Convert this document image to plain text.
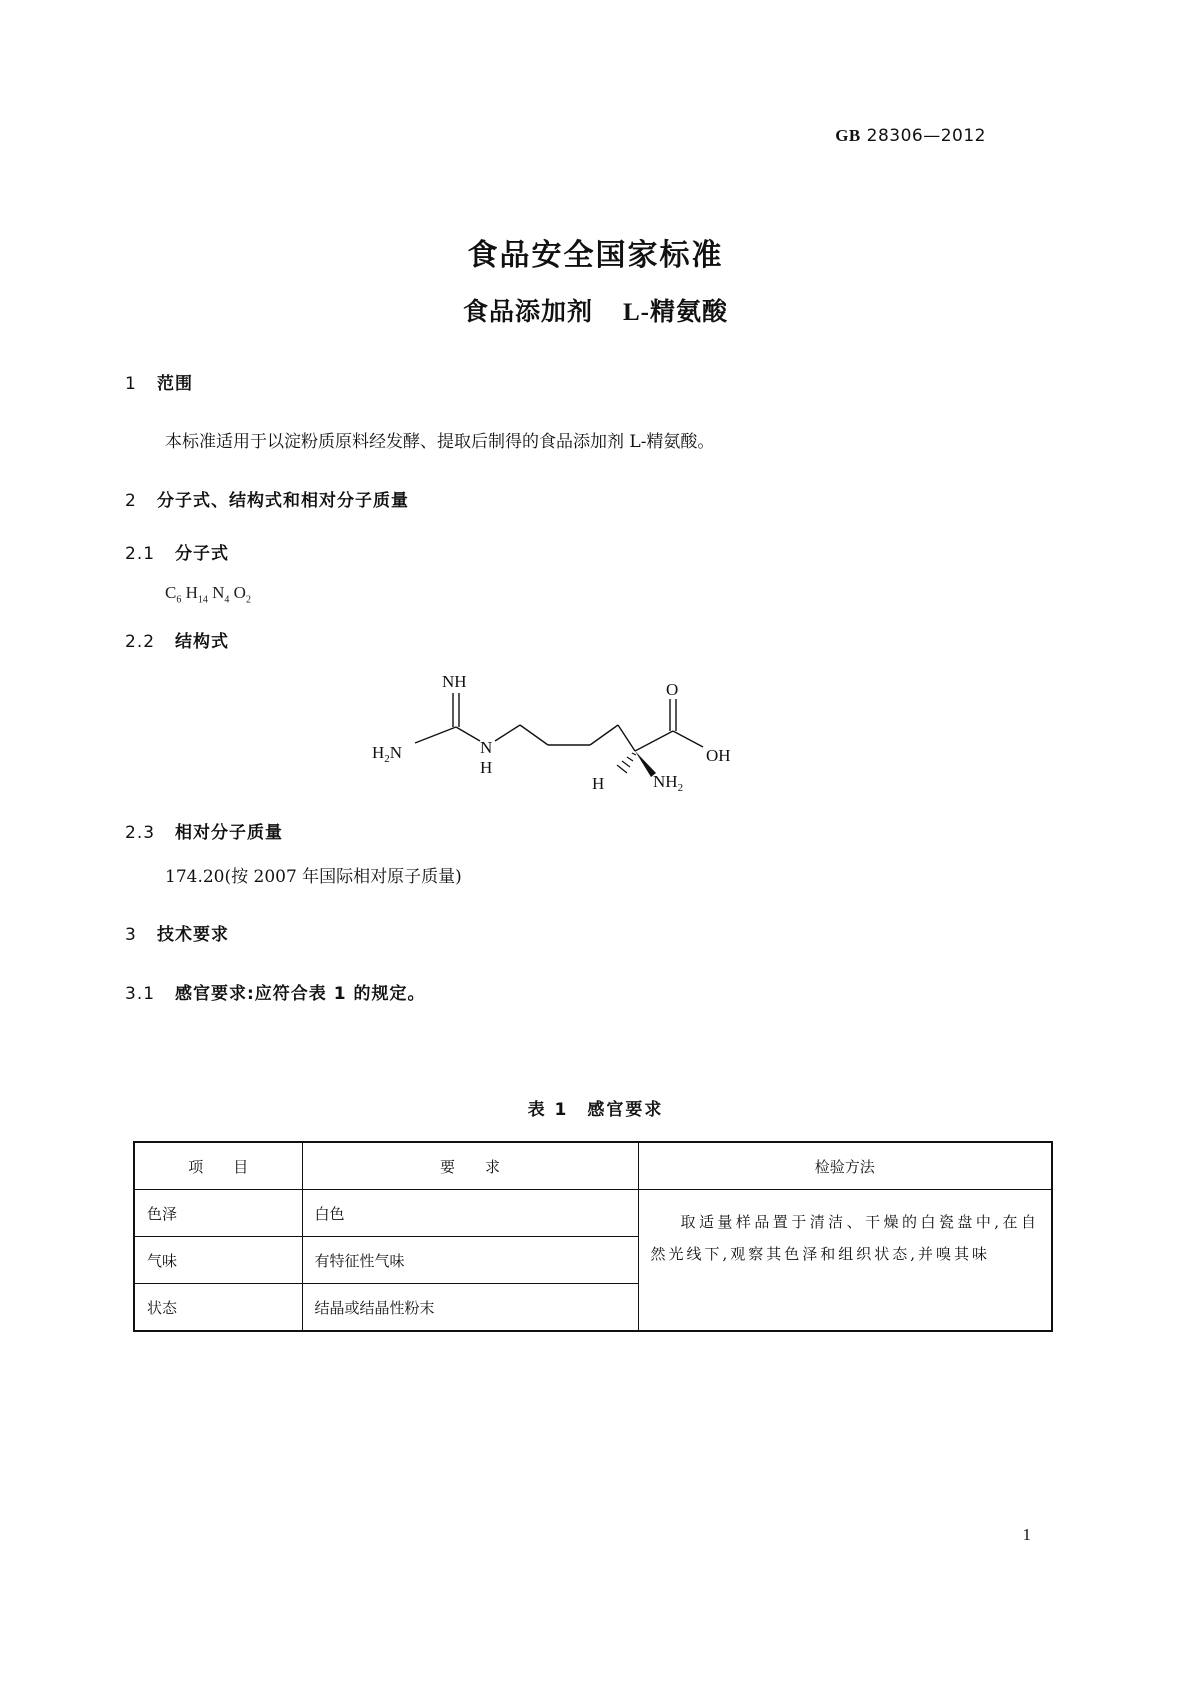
GB 28306—2012
食品安全国家标准
食品添加剂 L-精氨酸
1 范围
本标准适用于以淀粉质原料经发酵、提取后制得的食品添加剂 L-精氨酸。
2 分子式、结构式和相对分子质量
2.1 分子式
$C_6$ $H_{14}$ $N_4$ $O_2$
2.2 结构式
NH
$H_2N$	N
H
O
OH
H	$NH_2$
2.3 相对分子质量
174.20(按 2007 年国际相对原子质量)
3 技术要求
3.1 感官要求:应符合表 1 的规定。
表 1　感官要求
项　　目	要　　求	检验方法
色泽	白色	取适量样品置于清洁、干燥的白瓷盘中,在自然光线下,观察其色泽和组织状态,并嗅其味
气味	有特征性气味	
状态	结晶或结晶性粉末	
1
